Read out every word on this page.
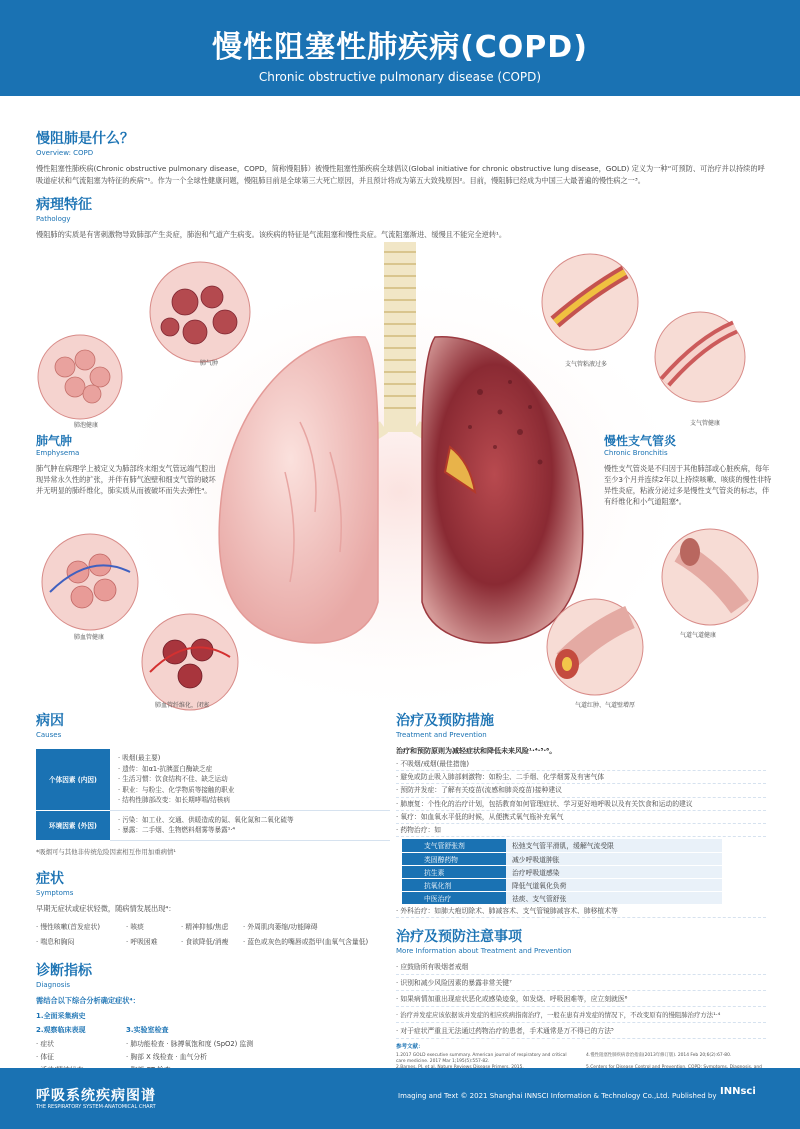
慢性阻塞性肺疾病(COPD)
Chronic obstructive pulmonary disease (COPD)
慢阻肺是什么？
Overview: COPD
慢性阻塞性肺疾病(Chronic obstructive pulmonary disease，COPD，简称慢阻肺）被慢性阻塞性肺疾病全球倡议(Global initiative for chronic obstructive lung disease，GOLD) 定义为一种“可预防、可治疗并以持续的呼吸道症状和气流阻塞为特征的疾病”¹。作为一个全球性健康问题，慢阻肺目前是全球第三大死亡原因，并且预计将成为第五大致残原因²。目前，慢阻肺已经成为中国三大最普遍的慢性病之一³。
病理特征
Pathology
慢阻肺的实质是有害刺激物导致肺部产生炎症，肺泡和气道产生病变。该疾病的特征是气流阻塞和慢性炎症。气流阻塞渐进、缓慢且不能完全逆转¹。
肺泡健康
肺气肿	支气管粘液过多
支气管健康
肺血管健康
肺血管纤维化，闭塞
气道气道健康
气道红肿、气道壁增厚
肺气肿
Emphysema
肺气肿在病理学上被定义为肺部终末细支气管远端气腔出现异常永久性的扩张，并伴有肺气泡壁和细支气管的破坏并无明显的肺纤维化，肺实质从而被破坏而失去弹性⁴。
慢性支气管炎
Chronic Bronchitis
慢性支气管炎是不归因于其他肺部或心脏疾病，每年至少3个月并连续2年以上持续咳嗽、咳痰的慢性非特异性炎症，粘液分泌过多是慢性支气管炎的标志，伴有纤维化和小气道阻塞⁴。
病因
Causes
个体因素 (内因)	· 吸烟(最主要)
· 遗传：如α1-抗胰蛋白酶缺乏症
· 生活习惯：饮食结构不佳、缺乏运动
· 职业：与粉尘、化学物质等接触的职业
· 结构性肺部改变：如长期哮喘/结核病

环境因素 (外因)	· 污染：如工业、交通、供暖造成的氮、氧化氮和二氧化硫等
· 暴露：二手烟、生物燃料烟雾等暴露¹·⁴
*吸烟可与其他非传统危险因素相互作用加重病情¹
症状
Symptoms
早期无症状或症状轻微，随病情发展出现⁴：
· 慢性咳嗽(首发症状)	· 咳痰	· 精神抑郁/焦虑	· 外周肌肉萎缩/功能障碍
· 喘息和胸闷	· 呼吸困难	· 食欲降低/消瘦	· 蓝色或灰色的嘴唇或指甲(血氧气含量低)
诊断指标
Diagnosis
需结合以下综合分析确定症状⁴：
1.全面采集病史
2.观察临床表现
· 症状
· 体征
3.实验室检查
· 肺功能检查 · 脉搏氧饱和度 (SpO2) 监测
· 胸部 X 线检查 · 血气分析
治疗及预防措施
Treatment and Prevention
治疗和预防原则为减轻症状和降低未来风险¹·⁴·⁵·⁶。
· 不吸烟/戒烟(最佳措施)
· 避免或防止吸入肺部刺激物：如粉尘、二手烟、化学烟雾及有害气体
· 预防并发症：了解有关疫苗(流感和肺炎疫苗)接种建议
· 肺康复：个性化的治疗计划，包括教育如何管理症状、学习更好地呼吸以及有关饮食和运动的建议
· 氧疗：如血氧水平低的时候，从便携式氧气瓶补充氧气
· 药物治疗：如
支气管舒张剂	松弛支气管平滑肌，缓解气流受限
类固醇药物	减少呼吸道肿胀
抗生素	治疗呼吸道感染
抗氧化剂	降低气道氧化负荷
中医治疗	祛痰、支气管舒张
· 外科治疗：如肺大疱切除术、肺减容术、支气管镜肺减容术、肺移植术等
治疗及预防注意事项
More Information about Treatment and Prevention
· 应鼓励所有吸烟者戒烟
· 识别和减少风险因素的暴露非常关键⁷
· 如果病情加重出现症状恶化或感染迹象，如发烧、呼吸困难等，应立刻就医⁶
· 治疗并发症应该依据该并发症的相应疾病指南治疗，一般在患有并发症的情况下，不改变原有的慢阻肺治疗方法¹·⁴
· 对于症状严重且无法通过药物治疗的患者，手术通常是万不得已的方法⁵
参考文献：
1.2017 GOLD executive summary. American journal of respiratory and critical care medicine. 2017 Mar 1;195(5):557-82.
4.慢性阻塞性肺疾病诊治指南(2013年修订版). 2014 Feb 20;6(2):67-80.
呼吸系统疾病图谱
THE RESPIRATORY SYSTEM-ANATOMICAL CHART
Imaging and Text © 2021 Shanghai INNSCI Information & Technology Co.,Ltd. Published by INNsci
